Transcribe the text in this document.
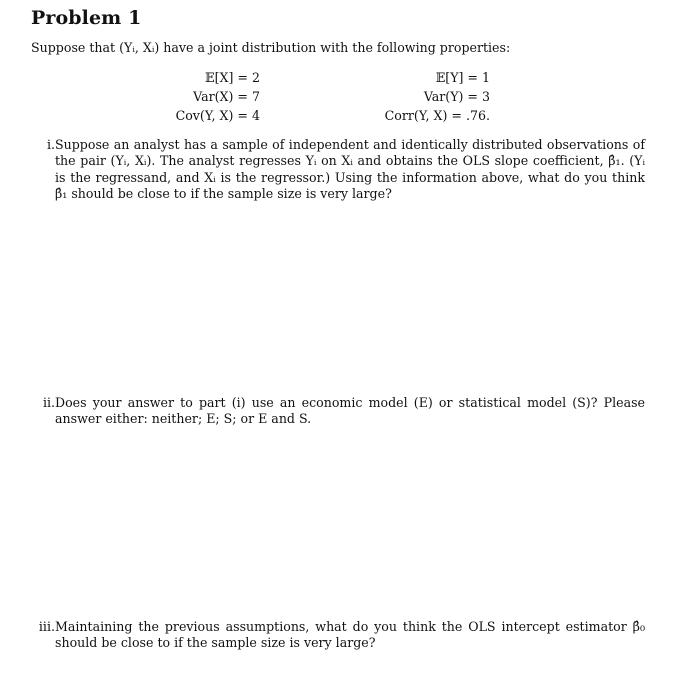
Problem 1
Suppose that (Yᵢ, Xᵢ) have a joint distribution with the following properties:
𝔼[X] = 2
Var(X) = 7
Cov(Y, X) = 4
𝔼[Y] = 1
Var(Y) = 3
Corr(Y, X) = .76.
i. Suppose an analyst has a sample of independent and identically distributed observations of the pair (Yᵢ, Xᵢ). The analyst regresses Yᵢ on Xᵢ and obtains the OLS slope coefficient, β̂₁. (Yᵢ is the regressand, and Xᵢ is the regressor.) Using the information above, what do you think β̂₁ should be close to if the sample size is very large?
ii. Does your answer to part (i) use an economic model (E) or statistical model (S)? Please answer either: neither; E; S; or E and S.
iii. Maintaining the previous assumptions, what do you think the OLS intercept estimator β̂₀ should be close to if the sample size is very large?
